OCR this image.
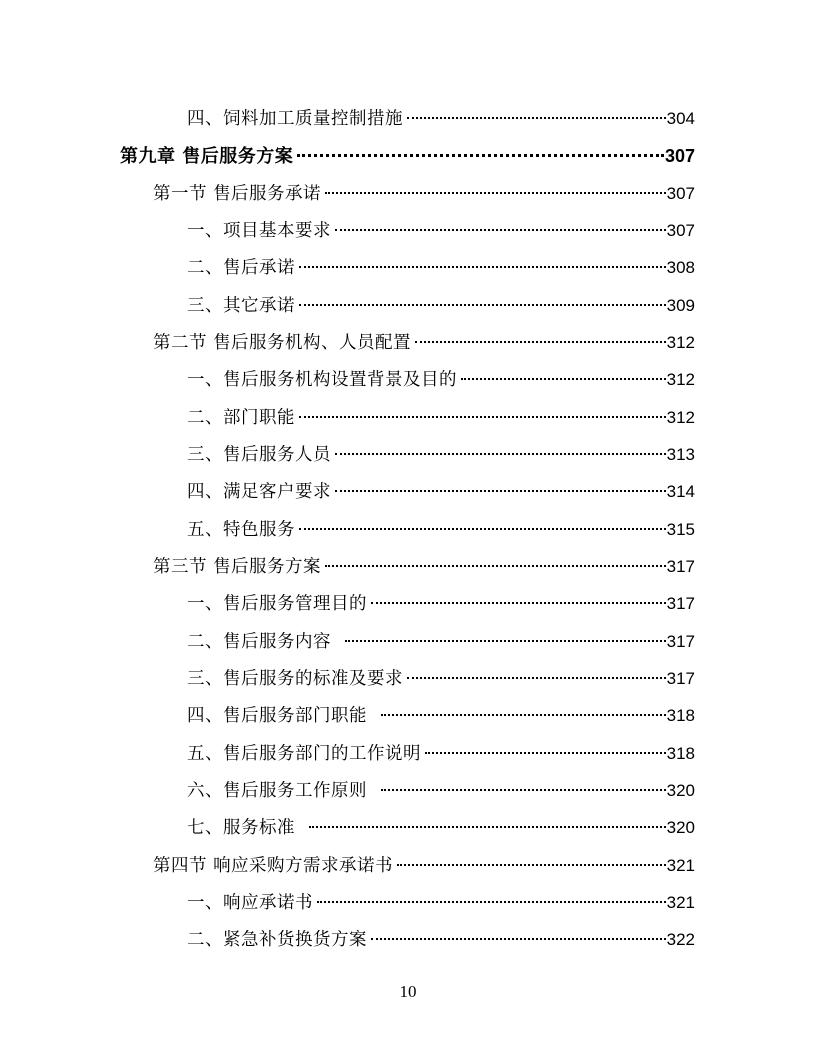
四、饲料加工质量控制措施	304
第九章 售后服务方案	307
第一节 售后服务承诺	307
一、项目基本要求	307
二、售后承诺	308
三、其它承诺	309
第二节 售后服务机构、人员配置	312
一、售后服务机构设置背景及目的	312
二、部门职能	312
三、售后服务人员	313
四、满足客户要求	314
五、特色服务	315
第三节 售后服务方案	317
一、售后服务管理目的	317
二、售后服务内容	317
三、售后服务的标准及要求	317
四、售后服务部门职能	318
五、售后服务部门的工作说明	318
六、售后服务工作原则	320
七、服务标准	320
第四节 响应采购方需求承诺书	321
一、响应承诺书	321
二、紧急补货换货方案	322
10
